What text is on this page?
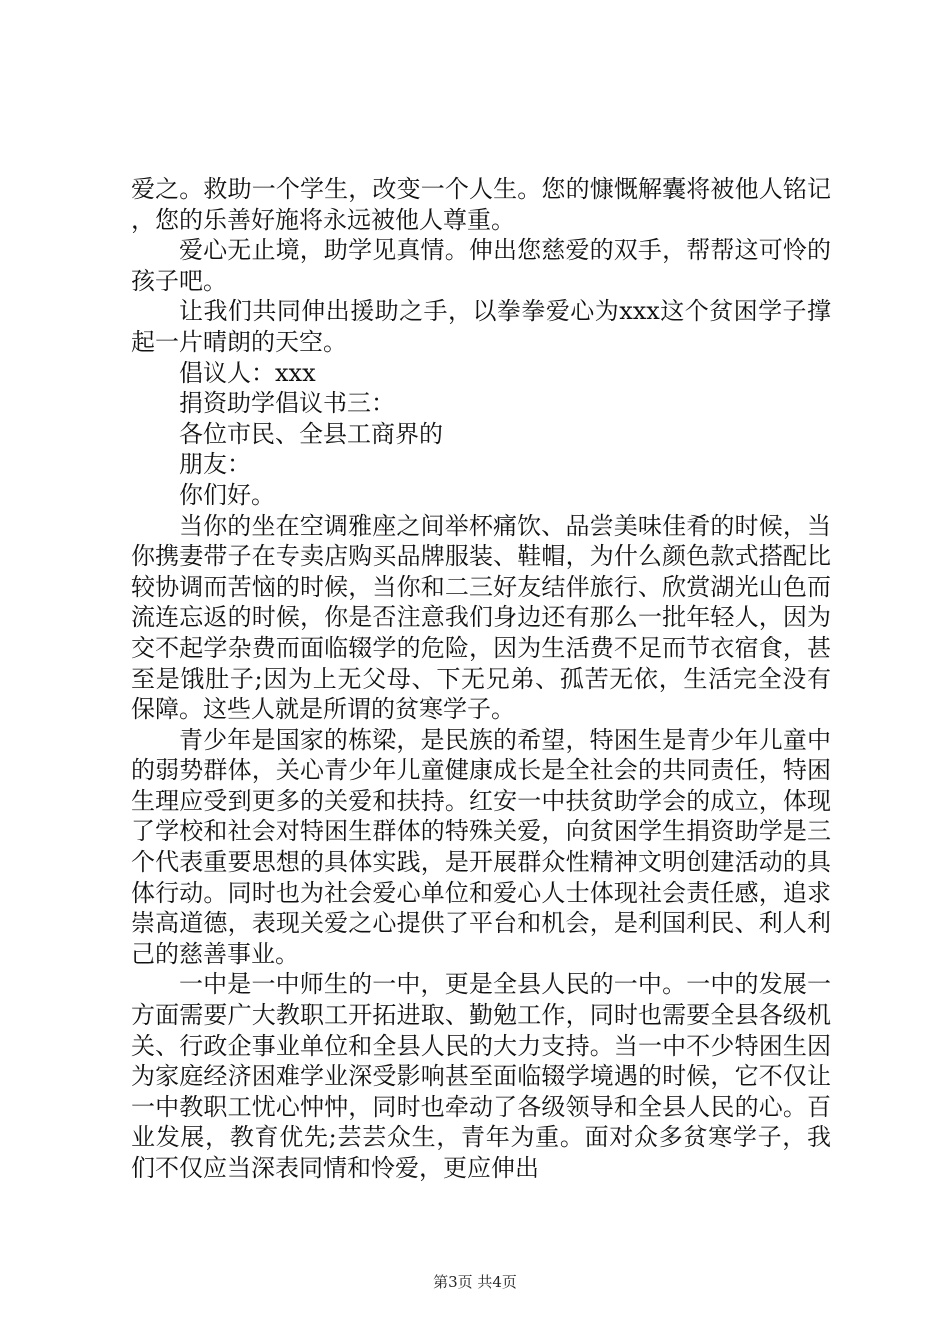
爱之。救助一个学生，改变一个人生。您的慷慨解囊将被他人铭记，您的乐善好施将永远被他人尊重。

爱心无止境，助学见真情。伸出您慈爱的双手，帮帮这可怜的孩子吧。

让我们共同伸出援助之手，以拳拳爱心为xxx这个贫困学子撑起一片晴朗的天空。

倡议人：xxx

捐资助学倡议书三：

各位市民、全县工商界的

朋友：

你们好。

当你的坐在空调雅座之间举杯痛饮、品尝美味佳肴的时候，当你携妻带子在专卖店购买品牌服装、鞋帽，为什么颜色款式搭配比较协调而苦恼的时候，当你和二三好友结伴旅行、欣赏湖光山色而流连忘返的时候，你是否注意我们身边还有那么一批年轻人，因为交不起学杂费而面临辍学的危险，因为生活费不足而节衣宿食，甚至是饿肚子;因为上无父母、下无兄弟、孤苦无依，生活完全没有保障。这些人就是所谓的贫寒学子。

青少年是国家的栋梁，是民族的希望，特困生是青少年儿童中的弱势群体，关心青少年儿童健康成长是全社会的共同责任，特困生理应受到更多的关爱和扶持。红安一中扶贫助学会的成立，体现了学校和社会对特困生群体的特殊关爱，向贫困学生捐资助学是三个代表重要思想的具体实践，是开展群众性精神文明创建活动的具体行动。同时也为社会爱心单位和爱心人士体现社会责任感，追求崇高道德，表现关爱之心提供了平台和机会，是利国利民、利人利己的慈善事业。

一中是一中师生的一中，更是全县人民的一中。一中的发展一方面需要广大教职工开拓进取、勤勉工作，同时也需要全县各级机关、行政企事业单位和全县人民的大力支持。当一中不少特困生因为家庭经济困难学业深受影响甚至面临辍学境遇的时候，它不仅让一中教职工忧心忡忡，同时也牵动了各级领导和全县人民的心。百业发展，教育优先;芸芸众生，青年为重。面对众多贫寒学子，我们不仅应当深表同情和怜爱，更应伸出

第3页 共4页
